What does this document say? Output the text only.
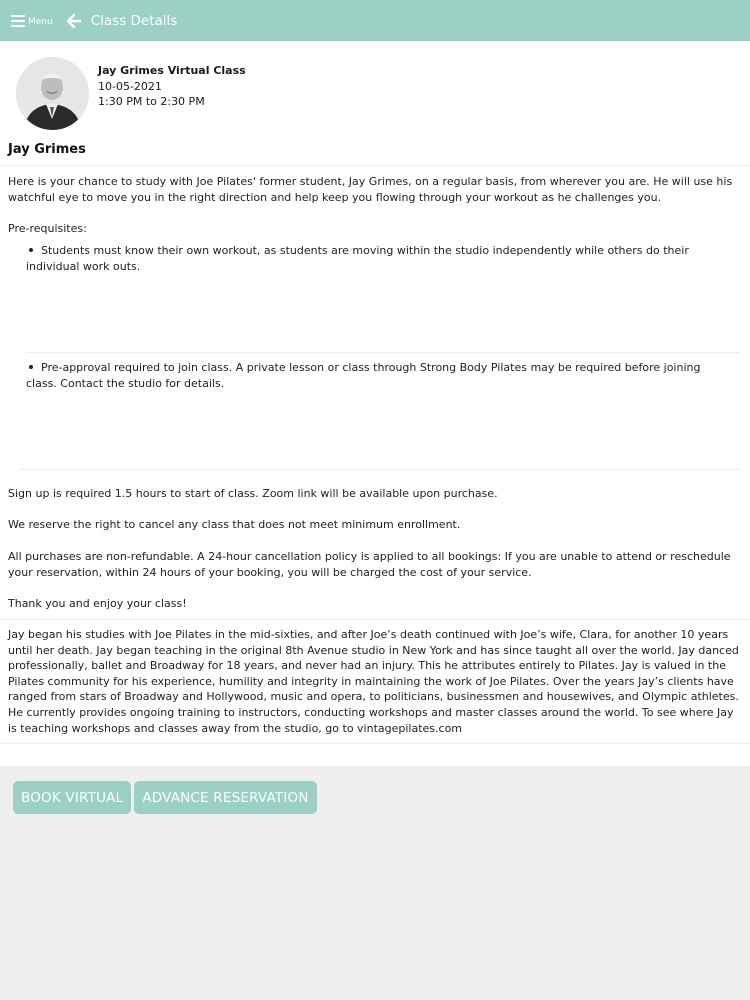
Menu	Class Details
Jay Grimes Virtual Class
10-05-2021
1:30 PM to 2:30 PM
Jay Grimes

Here is your chance to study with Joe Pilates' former student, Jay Grimes, on a regular basis, from wherever you are. He will use his watchful eye to move you in the right direction and help keep you flowing through your workout as he challenges you.

Pre-requisites:

Students must know their own workout, as students are moving within the studio independently while others do their individual work outs.
Pre-approval required to join class. A private lesson or class through Strong Body Pilates may be required before joining class. Contact the studio for details.

Sign up is required 1.5 hours to start of class. Zoom link will be available upon purchase.

We reserve the right to cancel any class that does not meet minimum enrollment.

All purchases are non-refundable. A 24-hour cancellation policy is applied to all bookings: If you are unable to attend or reschedule your reservation, within 24 hours of your booking, you will be charged the cost of your service.

Thank you and enjoy your class!

Jay began his studies with Joe Pilates in the mid-sixties, and after Joe’s death continued with Joe’s wife, Clara, for another 10 years until her death. Jay began teaching in the original 8th Avenue studio in New York and has since taught all over the world. Jay danced professionally, ballet and Broadway for 18 years, and never had an injury. This he attributes entirely to Pilates. Jay is valued in the Pilates community for his experience, humility and integrity in maintaining the work of Joe Pilates. Over the years Jay’s clients have ranged from stars of Broadway and Hollywood, music and opera, to politicians, businessmen and housewives, and Olympic athletes. He currently provides ongoing training to instructors, conducting workshops and master classes around the world. To see where Jay is teaching workshops and classes away from the studio, go to vintagepilates.com

BOOK VIRTUAL	ADVANCE RESERVATION
